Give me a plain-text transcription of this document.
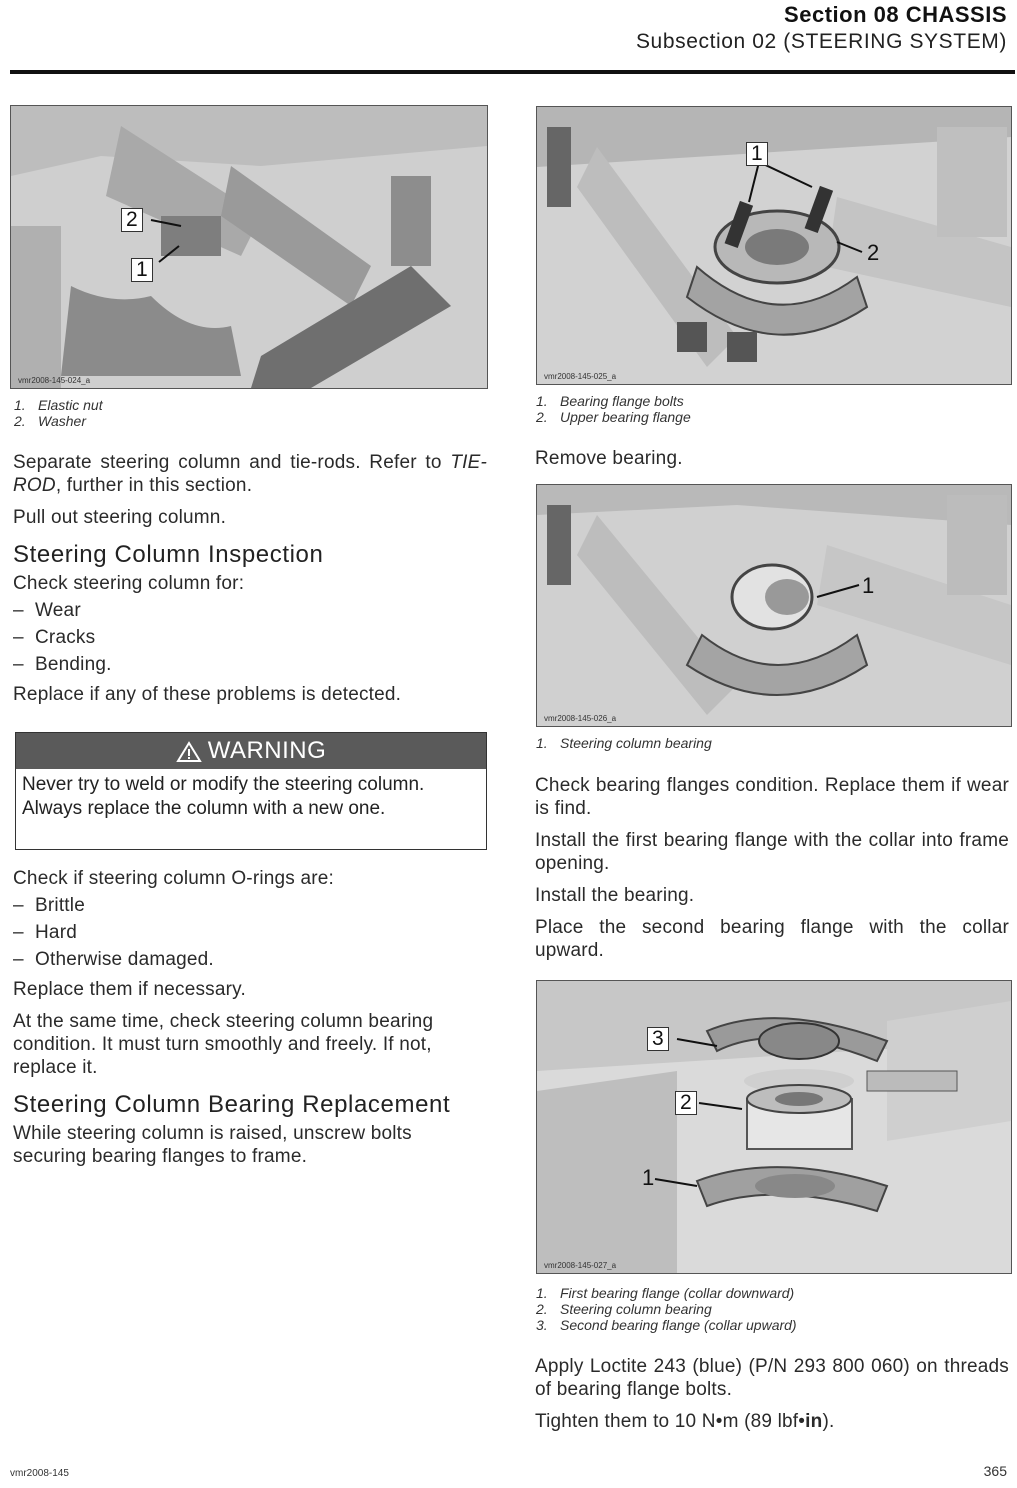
Section 08 CHASSIS
Subsection 02 (STEERING SYSTEM)
2
1
vmr2008-145-024_a
1. Elastic nut
2. Washer

Separate steering column and tie-rods. Refer to TIE-ROD, further in this section.

Pull out steering column.

Steering Column Inspection

Check steering column for:

– Wear
– Cracks
– Bending.

Replace if any of these problems is detected.

WARNING
Never try to weld or modify the steering column. Always replace the column with a new one.

Check if steering column O-rings are:

– Brittle
– Hard
– Otherwise damaged.

Replace them if necessary.

At the same time, check steering column bearing condition. It must turn smoothly and freely. If not, replace it.

Steering Column Bearing Replacement

While steering column is raised, unscrew bolts securing bearing flanges to frame.

1
2
vmr2008-145-025_a
1. Bearing flange bolts
2. Upper bearing flange
Remove bearing.
1
vmr2008-145-026_a
1. Steering column bearing

Check bearing flanges condition. Replace them if wear is find.

Install the first bearing flange with the collar into frame opening.

Install the bearing.

Place the second bearing flange with the collar upward.

3
2
1
vmr2008-145-027_a
1. First bearing flange (collar downward)
2. Steering column bearing
3. Second bearing flange (collar upward)

Apply Loctite 243 (blue) (P/N 293 800 060) on threads of bearing flange bolts.

Tighten them to 10 N•m (89 lbf•in).

vmr2008-145	365
